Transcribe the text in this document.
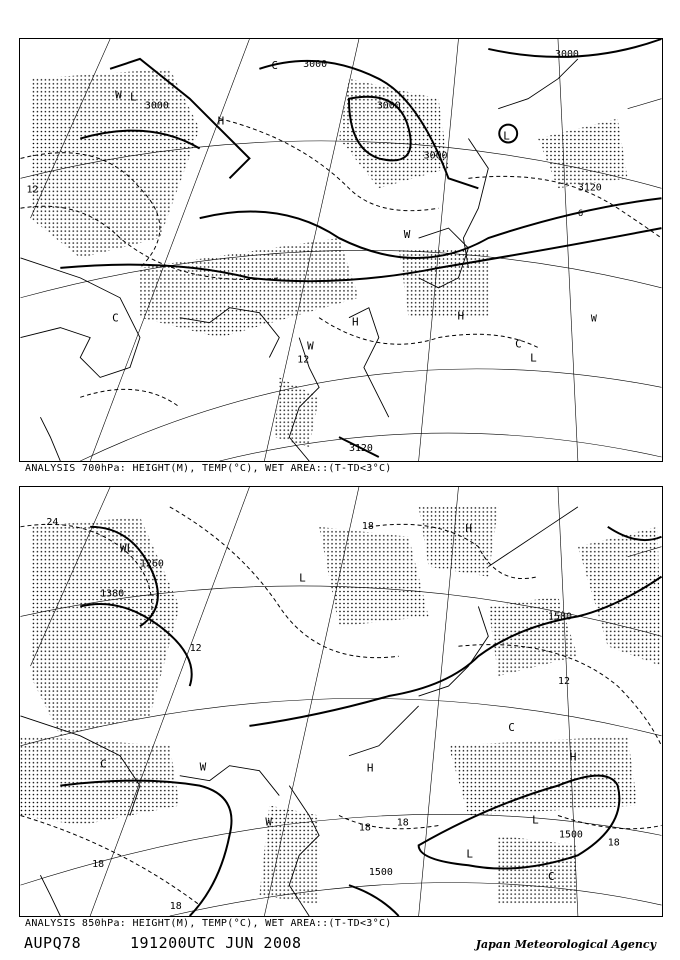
3000
3000
3000
3000
3000
3120
3120
12
6
12
W L
H
C
L
C	H
W
W
H	W
C
L
ANALYSIS 700hPa: HEIGHT(M), TEMP(°C), WET AREA::(T-TD<3°C)
1380
1500
1500
1500
1260
24
12
12
18
18
18
18	18
18
WL
H
L
C
W
W
H
C
L
L
C
H
ANALYSIS 850hPa: HEIGHT(M), TEMP(°C), WET AREA::(T-TD<3°C)
AUPQ78	191200UTC JUN 2008	Japan Meteorological Agency
